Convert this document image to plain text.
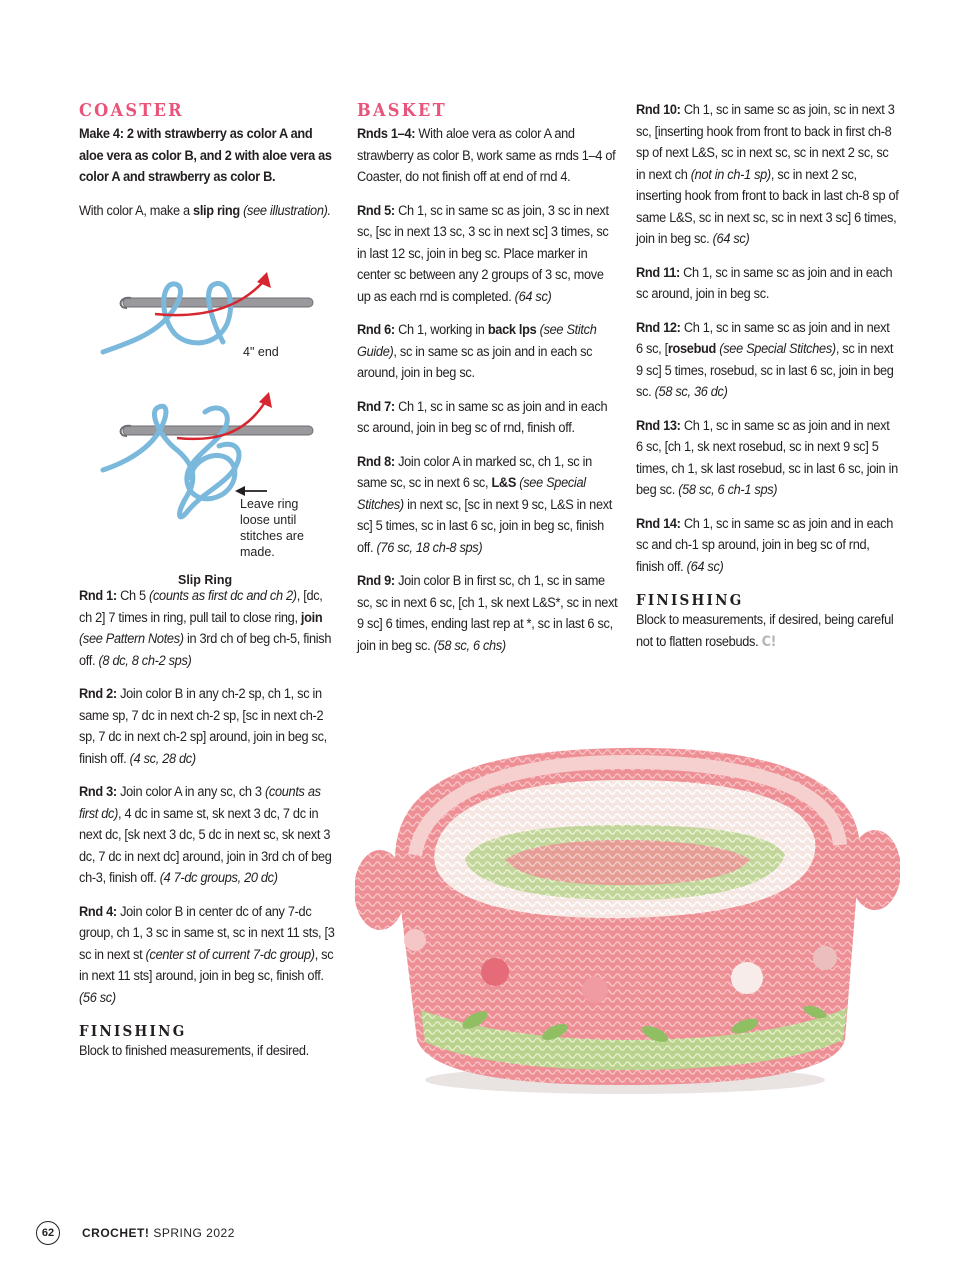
COASTER

Make 4: 2 with strawberry as color A and aloe vera as color B, and 2 with aloe vera as color A and strawberry as color B.

With color A, make a slip ring (see illustration).

Rnd 1: Ch 5 (counts as first dc and ch 2), [dc, ch 2] 7 times in ring, pull tail to close ring, join (see Pattern Notes) in 3rd ch of beg ch-5, finish off. (8 dc, 8 ch-2 sps)

Rnd 2: Join color B in any ch-2 sp, ch 1, sc in same sp, 7 dc in next ch-2 sp, [sc in next ch-2 sp, 7 dc in next ch-2 sp] around, join in beg sc, finish off. (4 sc, 28 dc)

Rnd 3: Join color A in any sc, ch 3 (counts as first dc), 4 dc in same st, sk next 3 dc, 7 dc in next dc, [sk next 3 dc, 5 dc in next sc, sk next 3 dc, 7 dc in next dc] around, join in 3rd ch of beg ch-3, finish off. (4 7-dc groups, 20 dc)

Rnd 4: Join color B in center dc of any 7-dc group, ch 1, 3 sc in same st, sc in next 11 sts, [3 sc in next st (center st of current 7-dc group), sc in next 11 sts] around, join in beg sc, finish off. (56 sc)

FINISHING

Block to finished measurements, if desired.

4" end
Leave ring
loose until
stitches are
made.
Slip Ring
BASKET

Rnds 1–4: With aloe vera as color A and strawberry as color B, work same as rnds 1–4 of Coaster, do not finish off at end of rnd 4.

Rnd 5: Ch 1, sc in same sc as join, 3 sc in next sc, [sc in next 13 sc, 3 sc in next sc] 3 times, sc in last 12 sc, join in beg sc. Place marker in center sc between any 2 groups of 3 sc, move up as each rnd is completed. (64 sc)

Rnd 6: Ch 1, working in back lps (see Stitch Guide), sc in same sc as join and in each sc around, join in beg sc.

Rnd 7: Ch 1, sc in same sc as join and in each sc around, join in beg sc of rnd, finish off.

Rnd 8: Join color A in marked sc, ch 1, sc in same sc, sc in next 6 sc, L&S (see Special Stitches) in next sc, [sc in next 9 sc, L&S in next sc] 5 times, sc in last 6 sc, join in beg sc, finish off. (76 sc, 18 ch-8 sps)

Rnd 9: Join color B in first sc, ch 1, sc in same sc, sc in next 6 sc, [ch 1, sk next L&S*, sc in next 9 sc] 6 times, ending last rep at *, sc in last 6 sc, join in beg sc. (58 sc, 6 chs)

Rnd 10: Ch 1, sc in same sc as join, sc in next 3 sc, [inserting hook from front to back in first ch-8 sp of next L&S, sc in next sc, sc in next 2 sc, sc in next ch (not in ch-1 sp), sc in next 2 sc, inserting hook from front to back in last ch-8 sp of same L&S, sc in next sc, sc in next 3 sc] 6 times, join in beg sc. (64 sc)

Rnd 11: Ch 1, sc in same sc as join and in each sc around, join in beg sc.

Rnd 12: Ch 1, sc in same sc as join and in next 6 sc, [rosebud (see Special Stitches), sc in next 9 sc] 5 times, rosebud, sc in last 6 sc, join in beg sc. (58 sc, 36 dc)

Rnd 13: Ch 1, sc in same sc as join and in next 6 sc, [ch 1, sk next rosebud, sc in next 9 sc] 5 times, ch 1, sk last rosebud, sc in last 6 sc, join in beg sc. (58 sc, 6 ch-1 sps)

Rnd 14: Ch 1, sc in same sc as join and in each sc and ch-1 sp around, join in beg sc of rnd, finish off. (64 sc)

FINISHING

Block to measurements, if desired, being careful not to flatten rosebuds. C!

62	CROCHET! SPRING 2022
